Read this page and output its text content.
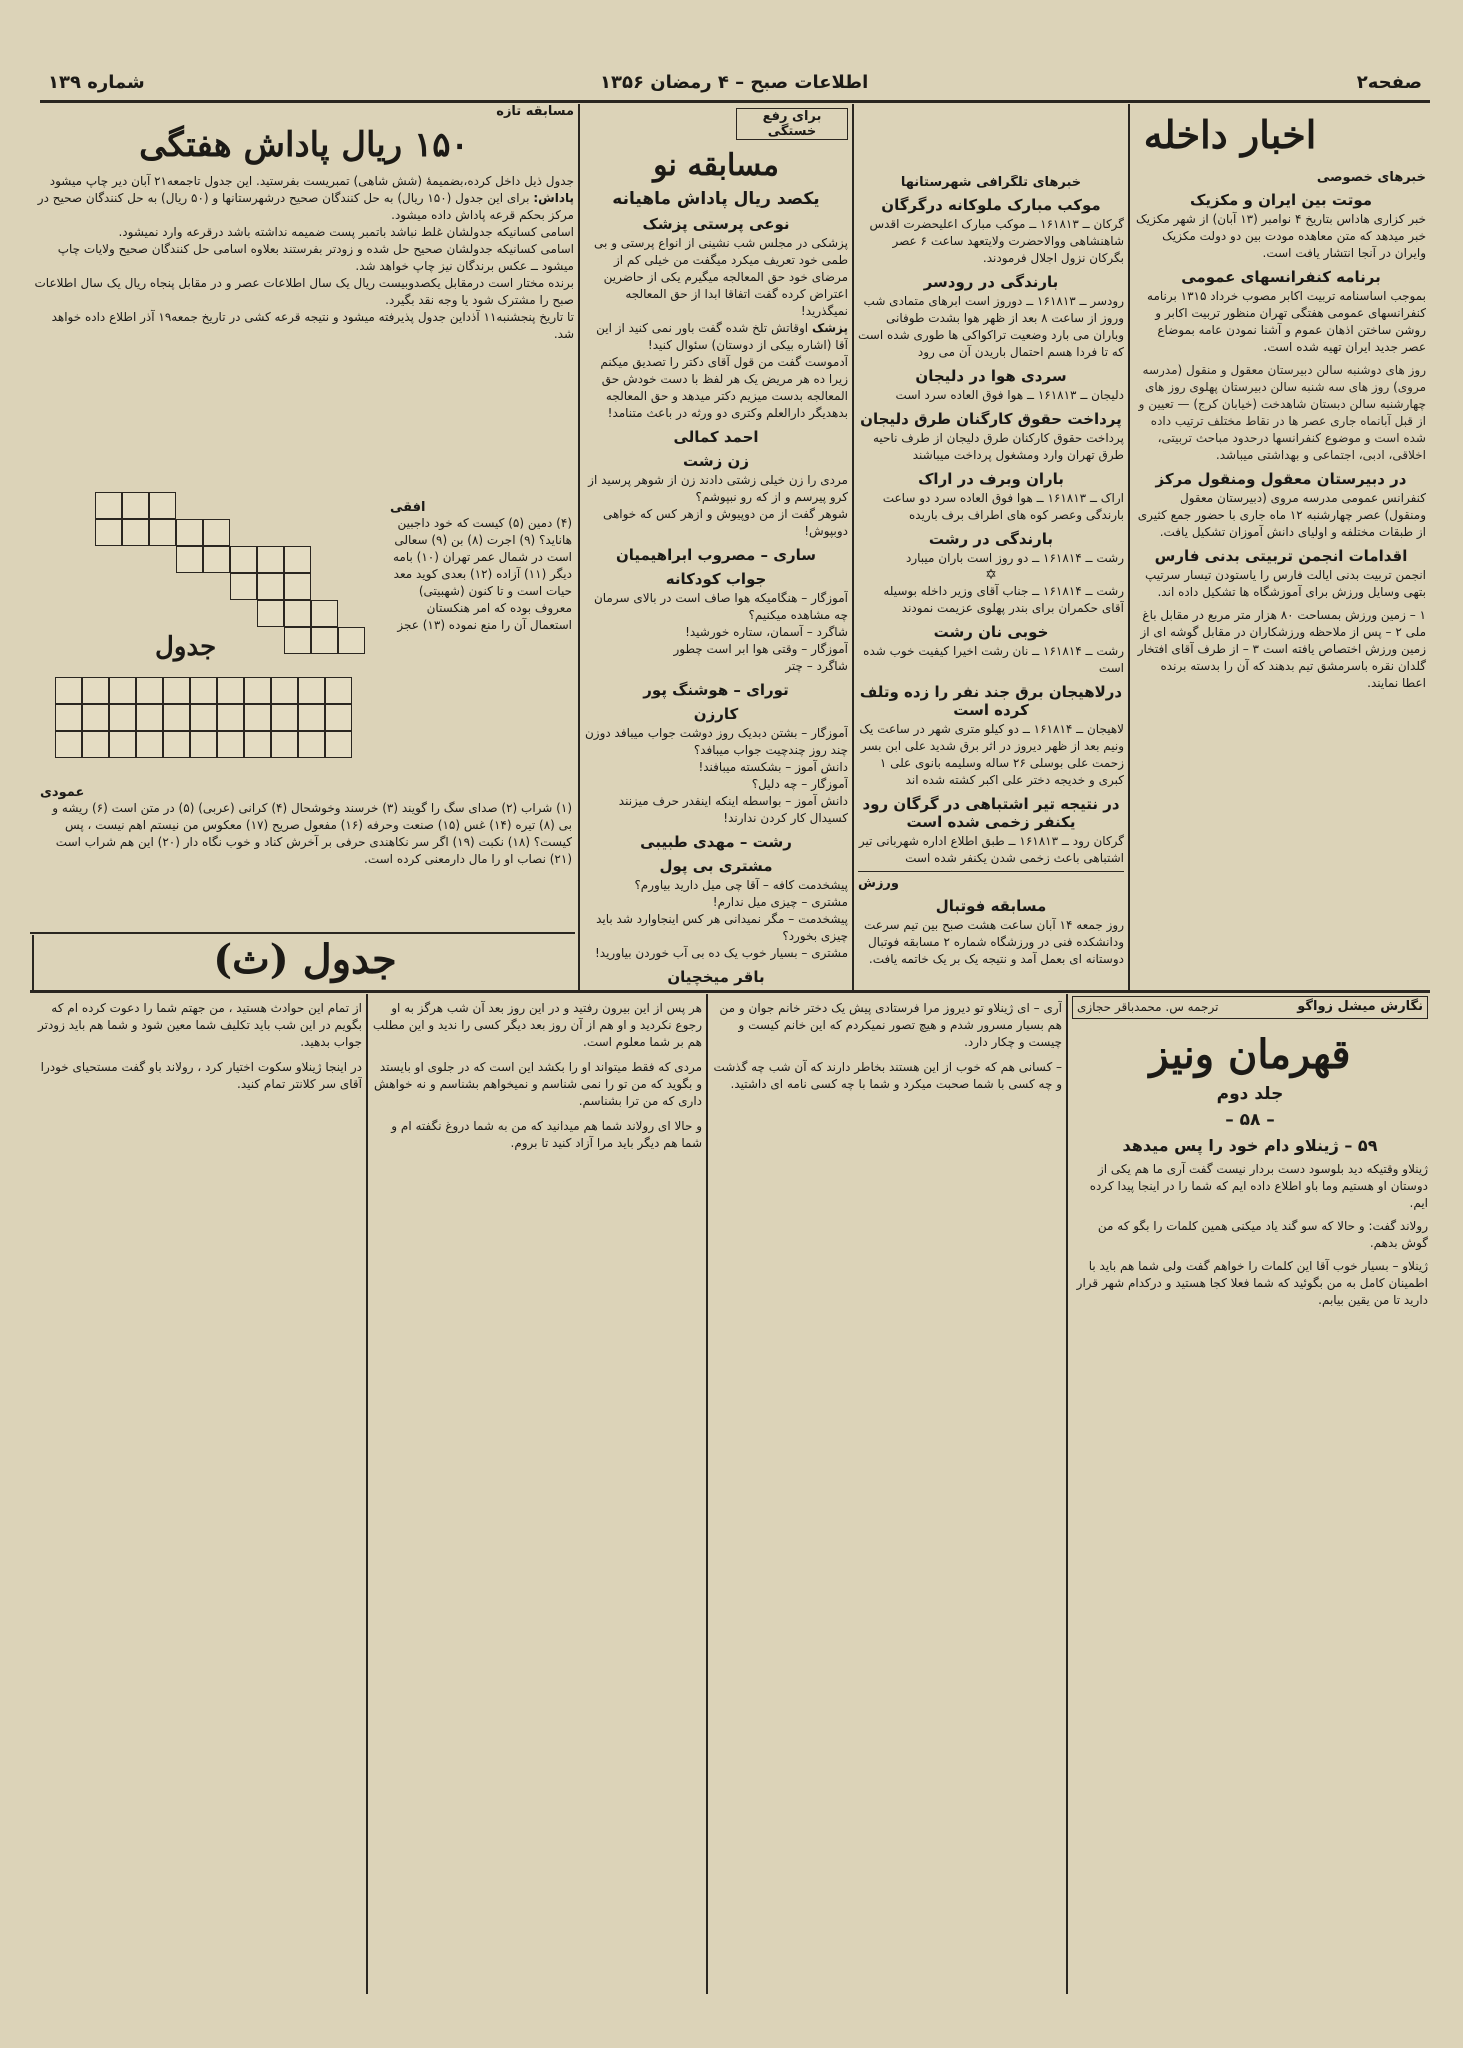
صفحه۲
اطلاعات صبح – ۴ رمضان ۱۳۵۶
شماره ۱۳۹
خبرهای خصوصی
موتت بین ایران و مکزیک
خبر کزاری هاداس بتاریخ ۴ نوامبر (۱۳ آبان) از شهر مکزیک خبر میدهد که متن معاهده مودت بین دو دولت مکزیک وایران در آنجا انتشار یافت است.
برنامه کنفرانسهای عمومی
بموجب اساسنامه تربیت اکابر مصوب خرداد ۱۳۱۵ برنامه کنفرانسهای عمومی هفتگی تهران منظور تربیت اکابر و روشن ساختن اذهان عموم و آشنا نمودن عامه بموضاع عصر جدید ایران تهیه شده است.
روز های دوشنبه سالن دبیرستان معقول و منقول (مدرسه مروی) روز های سه شنبه سالن دبیرستان پهلوی روز های چهارشنبه سالن دبستان شاهدخت (خیابان کرج) — تعیین و از قبل آبانماه جاری عصر ها در نقاط مختلف ترتیب داده شده است و موضوع کنفرانسها درحدود مباحث تربیتی، اخلاقی، ادبی، اجتماعی و بهداشتی میباشد.
در دبیرستان معقول ومنقول مرکز
کنفرانس عمومی مدرسه مروی (دبیرستان معقول ومنقول) عصر چهارشنبه ۱۲ ماه جاری با حضور جمع کثیری از طبقات مختلفه و اولیای دانش آموزان تشکیل یافت.
اقدامات انجمن تربیتی بدنی فارس
انجمن تربیت بدنی ایالت فارس را یاستودن تیسار سرتیپ بتهی وسایل ورزش برای آموزشگاه ها تشکیل داده اند.
۱ – زمین ورزش بمساحت ۸۰ هزار متر مربع در مقابل باغ ملی ۲ – پس از ملاحظه ورزشکاران در مقابل گوشه ای از زمین ورزش اختصاص یافته است ۳ – از طرف آقای افتخار گلدان نقره باسرمشق تیم بدهند که آن را بدسته برنده اعطا نمایند.
اخبار داخله
خبرهای تلگرافی شهرستانها
موکب مبارک ملوکانه درگرگان
گرکان ــ ۱۶۱۸۱۳ ــ موکب مبارک اعلیحضرت اقدس شاهنشاهی ووالاحضرت ولایتعهد ساعت ۶ عصر بگرکان نزول اجلال فرمودند.
بارندگی در رودسر
رودسر ــ ۱۶۱۸۱۳ ــ دوروز است ابرهای متمادی شب وروز از ساعت ۸ بعد از ظهر هوا بشدت طوفانی وباران می بارد وضعیت تراکواکی ها طوری شده است که تا فردا هسم احتمال باریدن آن می رود
سردی هوا در دلیجان
دلیجان ــ ۱۶۱۸۱۳ ــ هوا فوق العاده سرد است
پرداخت حقوق کارگنان طرق دلیجان
پرداخت حقوق کارکنان طرق دلیجان از طرف ناحیه طرق تهران وارد ومشغول پرداخت میباشند
باران وبرف در اراک
اراک ــ ۱۶۱۸۱۳ ــ هوا فوق العاده سرد دو ساعت بارندگی وعصر کوه های اطراف برف باریده
بارندگی در رشت
رشت ــ ۱۶۱۸۱۴ ــ دو روز است باران میبارد
✡
رشت ــ ۱۶۱۸۱۴ ــ جناب آقای وزیر داخله بوسیله آقای حکمران برای بندر پهلوی عزیمت نمودند
خوبی نان رشت
رشت ــ ۱۶۱۸۱۴ ــ نان رشت اخیرا کیفیت خوب شده است
درلاهیجان برق جند نفر را زده وتلف کرده است
لاهیجان ــ ۱۶۱۸۱۴ ــ دو کیلو متری شهر در ساعت یک ونیم بعد از ظهر دیروز در اثر برق شدید علی ابن بسر زحمت علی بوسلی ۲۶ ساله وسلیمه بانوی علی ۱ کبری و خدیجه دختر علی اکبر کشته شده اند
در نتیجه تیر اشتباهی در گرگان رود یکنفر زخمی شده است
گرکان رود ــ ۱۶۱۸۱۳ ــ طبق اطلاع اداره شهربانی تیر اشتباهی باعث زخمی شدن یکنفر شده است
ورزش
مسابقه فوتبال
روز جمعه ۱۴ آبان ساعت هشت صبح بین تیم سرعت ودانشکده فنی در ورزشگاه شماره ۲ مسابقه فوتبال دوستانه ای بعمل آمد و نتیجه یک بر یک خاتمه یافت.
برای رفع خستگی
مسابقه نو
یکصد ریال پاداش ماهیانه
نوعی پرستی پزشک
پزشکی در مجلس شب نشینی از انواع پرستی و بی طمی خود تعریف میکرد میگفت من خیلی کم از مرضای خود حق المعالجه میگیرم یکی از حاضرین اعتراض کرده گفت اتفاقا ابدا از حق المعالجه نمیگذرید!
پزشک اوقاتش تلخ شده گفت باور نمی کنید از این آقا (اشاره بیکی از دوستان) سئوال کنید!
آدموست گفت من قول آقای دکتر را تصدیق میکنم زیرا ده هر مریض یک هر لفظ با دست خودش حق المعالجه بدست میزیم دکتر میدهد و حق المعالجه بدهدیگر دارالعلم وکتری دو ورثه در باعث متنامد!
احمد کمالی
زن زشت
مردی را زن خیلی زشتی دادند زن از شوهر پرسید از کرو پیرسم و از که رو نبپوشم؟
شوهر گفت از من دوپیوش و ازهر کس که خواهی دوبپوش!
ساری – مصروب ابراهیمیان
جواب کودکانه
آموزگار – هنگامیکه هوا صاف است در بالای سرمان چه مشاهده میکنیم؟
شاگرد – آسمان، ستاره خورشید!
آموزگار – وقتی هوا ابر است چطور
شاگرد – چتر
تورای – هوشنگ پور
کارزن
آموزگار – بشتن دبدیک روز دوشت جواب میبافد دوزن چند روز چندچیت جواب میبافد؟
دانش آموز – بشکسته میبافند!
آموزگار – چه دلیل؟
دانش آموز – بواسطه اینکه اینفدر حرف میزنند کسیدال کار کردن ندارند!
رشت – مهدی طبیبی
مشتری بی پول
پیشخدمت کافه – آقا چی میل دارید بیاورم؟
مشتری – چیزی میل ندارم!
پیشخدمت – مگر نمیدانی هر کس اینجاوارد شد باید چیزی بخورد؟
مشتری – بسیار خوب یک ده بی آب خوردن بیاورید!
باقر میخچیان
مسابقه تازه
۱۵۰ ریال پاداش هفتگی
جدول ذیل داخل کرده،بضمیمهٔ (شش شاهی) تمبریست بفرستید. این جدول تاجمعه۲۱ آبان دیر چاپ میشود
پاداش: برای این جدول (۱۵۰ ریال) به حل کنندگان صحیح درشهرستانها و (۵۰ ریال) به حل کنندگان صحیح در مرکز بحکم قرعه پاداش داده میشود.
اسامی کسانیکه جدولشان غلط نباشد باتمبر پست ضمیمه نداشته باشد درقرعه وارد نمیشود.
اسامی کسانیکه جدولشان صحیح حل شده و زودتر بفرستند بعلاوه اسامی حل کنندگان صحیح ولایات چاپ میشود ــ عکس برندگان نیز چاپ خواهد شد.
برنده مختار است درمقابل یکصدوبیست ریال یک سال اطلاعات عصر و در مقابل پنجاه ریال یک سال اطلاعات صبح را مشترک شود یا وجه نقد بگیرد.
تا تاریخ پنجشنبه۱۱ آذداین جدول پذیرفته میشود و نتیجه قرعه کشی در تاریخ جمعه۱۹ آذر اطلاع داده خواهد شد.
جدول
افقی
(۴) دمین (۵) کیست که خود داجبین هاناید؟ (۹) اجرت (۸) بن (۹) سعالی است در شمال عمر تهران (۱۰) بامه دیگر (۱۱) آزاده (۱۲) بعدی کوید معد حیات است و تا کنون (شهبیتی) معروف بوده که امر هنکستان استعمال آن را منع نموده (۱۳) عجز
عمودی
(۱) شراب (۲) صدای سگ را گویند (۳) خرسند وخوشحال (۴) کرانی (عربی) (۵) در متن است (۶) ریشه و بی (۸) تیره (۱۴) غس (۱۵) صنعت وحرفه (۱۶) مفعول صریح (۱۷) معکوس من نیستم اهم نیست ، پس کیست؟ (۱۸) نکبت (۱۹) اگر سر نکاهندی حرفی بر آخرش کناد و خوب نگاه دار (۲۰) این هم شراب است (۲۱) نصاب او را مال دارمعنی کرده است.
جدول (ث)
نگارش میشل زواگو
ترجمه س. محمدباقر حجازی
قهرمان ونیز
جلد دوم
– ۵۸ –
۵۹ – ژینلاو دام خود را پس میدهد
ژینلاو وقتیکه دید بلوسود دست بردار نیست گفت آری ما هم یکی از دوستان او هستیم وما باو اطلاع داده ایم که شما را در اینجا پیدا کرده ایم.
رولاند گفت: و حالا که سو گند یاد میکنی همین کلمات را بگو که من گوش بدهم.
ژینلاو – بسیار خوب آقا این کلمات را خواهم گفت ولی شما هم باید با اطمینان کامل به من بگوئید که شما فعلا کجا هستید و درکدام شهر قرار دارید تا من یقین بیابم.
آری – ای ژینلاو تو دیروز مرا فرستادی پیش یک دختر خانم جوان و من هم بسیار مسرور شدم و هیچ تصور نمیکردم که این خانم کیست و چیست و چکار دارد.
– کسانی هم که خوب از این هستند بخاطر دارند که آن شب چه گذشت و چه کسی با شما صحبت میکرد و شما با چه کسی نامه ای داشتید.
هر پس از این بیرون رفتید و در این روز بعد آن شب هرگز به او رجوع نکردید و او هم از آن روز بعد دیگر کسی را ندید و این مطلب هم بر شما معلوم است.
مردی که فقط میتواند او را بکشد این است که در جلوی او بایستد و بگوید که من تو را نمی شناسم و نمیخواهم بشناسم و نه خواهش داری که من ترا بشناسم.
و حالا ای رولاند شما هم میدانید که من به شما دروغ نگفته ام و شما هم دیگر باید مرا آزاد کنید تا بروم.
از تمام این حوادث هستید ، من جهتم شما را دعوت کرده ام که بگویم در این شب باید تکلیف شما معین شود و شما هم باید زودتر جواب بدهید.
در اینجا ژینلاو سکوت اختیار کرد ، رولاند باو گفت مستحیای خودرا آقای سر کلانتر تمام کنید.
